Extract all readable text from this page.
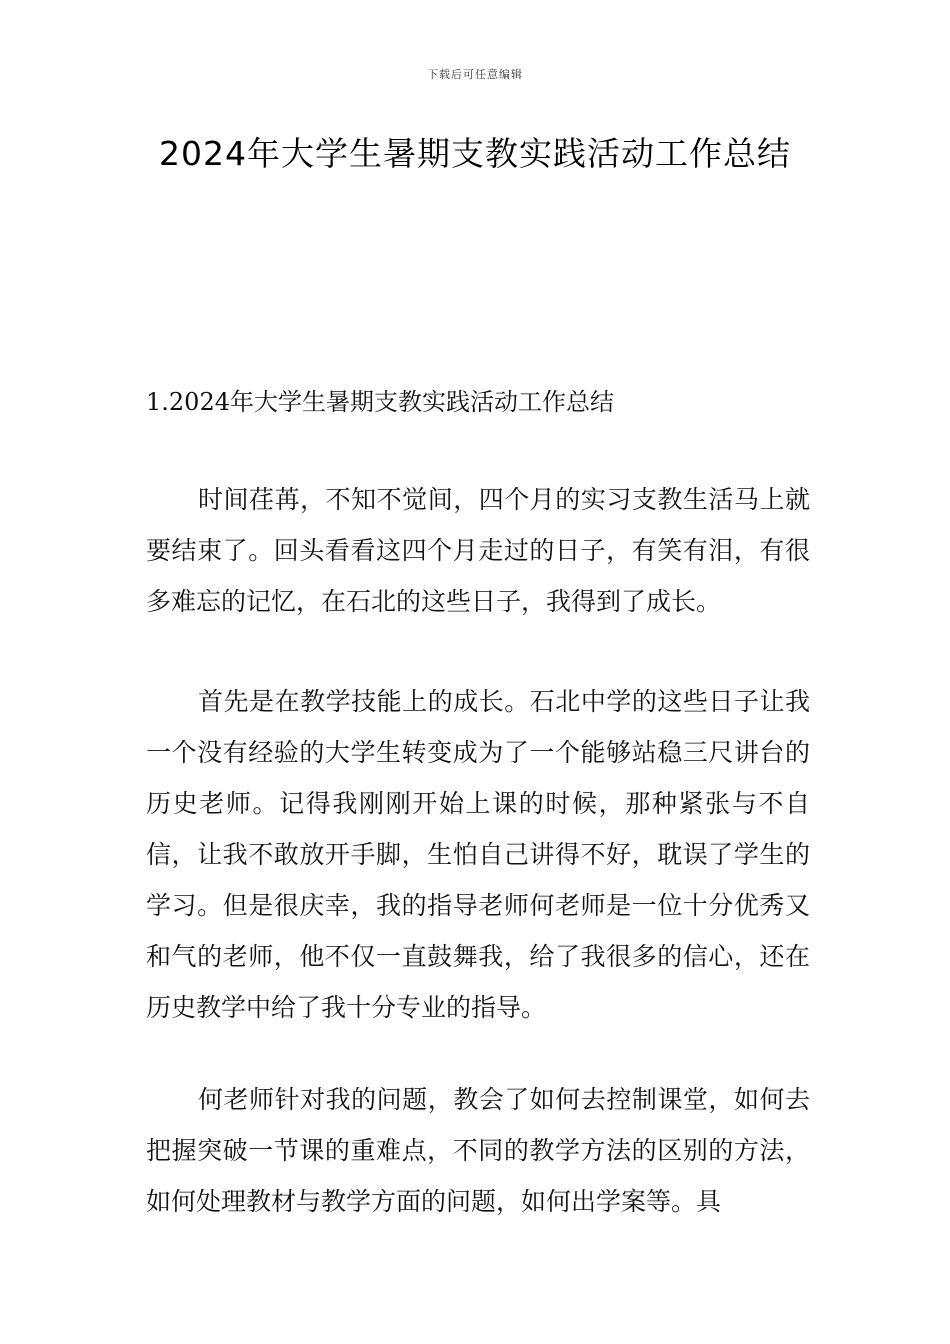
下载后可任意编辑
2024年大学生暑期支教实践活动工作总结
1.2024年大学生暑期支教实践活动工作总结

时间荏苒，不知不觉间，四个月的实习支教生活马上就要结束了。回头看看这四个月走过的日子，有笑有泪，有很多难忘的记忆，在石北的这些日子，我得到了成长。

首先是在教学技能上的成长。石北中学的这些日子让我一个没有经验的大学生转变成为了一个能够站稳三尺讲台的历史老师。记得我刚刚开始上课的时候，那种紧张与不自信，让我不敢放开手脚，生怕自己讲得不好，耽误了学生的学习。但是很庆幸，我的指导老师何老师是一位十分优秀又和气的老师，他不仅一直鼓舞我，给了我很多的信心，还在历史教学中给了我十分专业的指导。

何老师针对我的问题，教会了如何去控制课堂，如何去把握突破一节课的重难点，不同的教学方法的区别的方法，如何处理教材与教学方面的问题，如何出学案等。具
